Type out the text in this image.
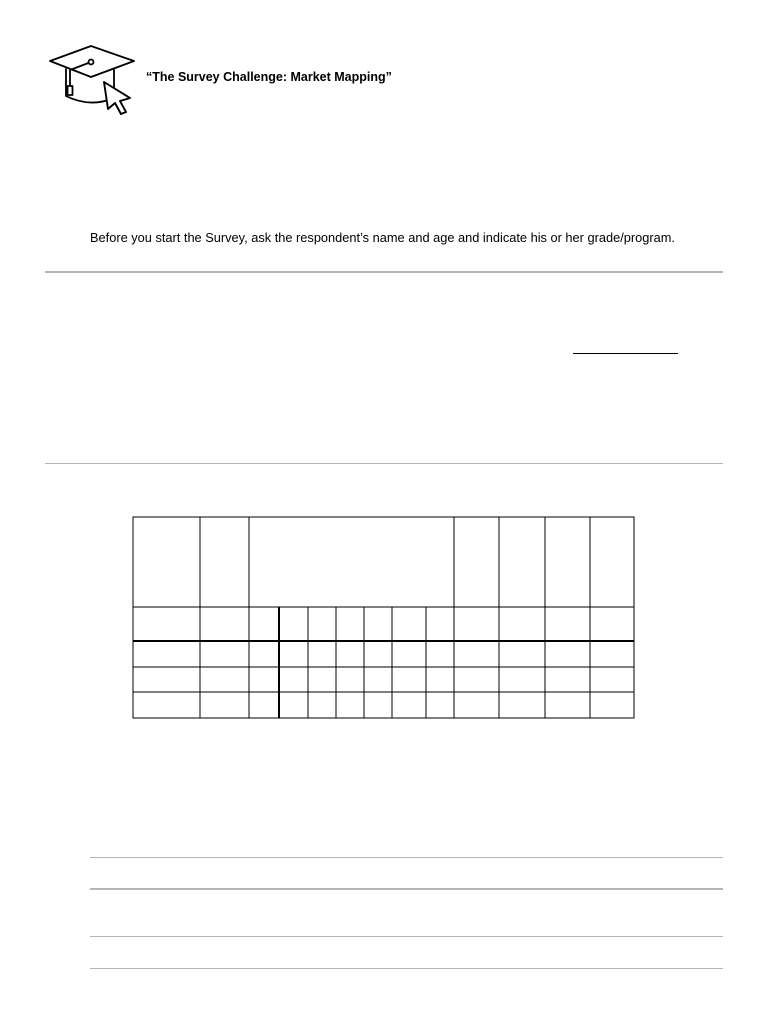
“The Survey Challenge: Market Mapping”
Before you start the Survey, ask the respondent’s name and age and indicate his or her grade/program.
